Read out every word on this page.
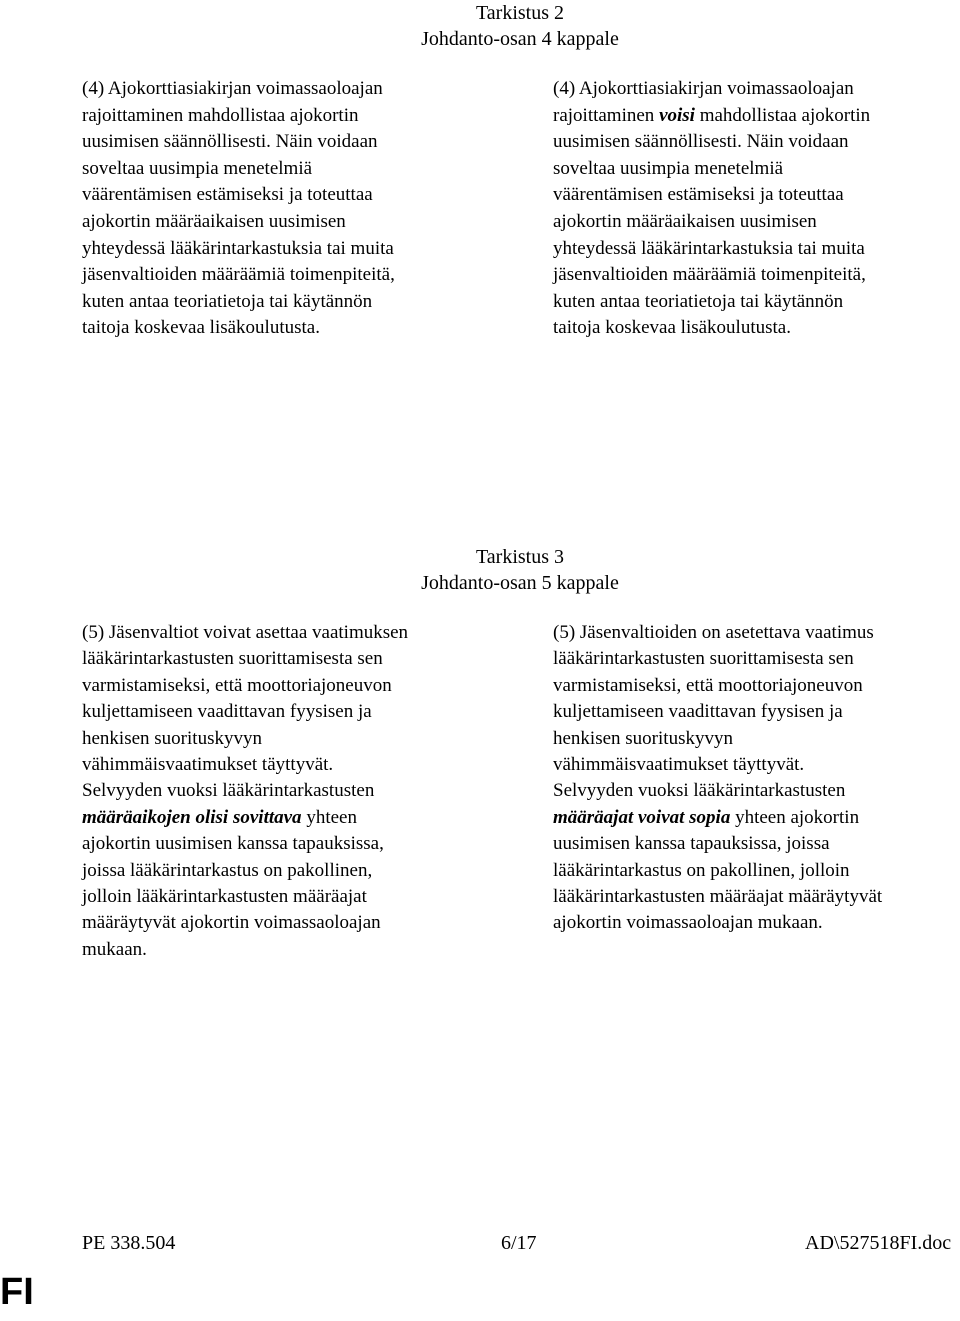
Tarkistus 2
Johdanto-osan 4 kappale

(4) Ajokorttiasiakirjan voimassaoloajan
rajoittaminen mahdollistaa ajokortin
uusimisen säännöllisesti. Näin voidaan
soveltaa uusimpia menetelmiä
väärentämisen estämiseksi ja toteuttaa
ajokortin määräaikaisen uusimisen
yhteydessä lääkärintarkastuksia tai muita
jäsenvaltioiden määräämiä toimenpiteitä,
kuten antaa teoriatietoja tai käytännön
taitoja koskevaa lisäkoulutusta.

(4) Ajokorttiasiakirjan voimassaoloajan
rajoittaminen voisi mahdollistaa ajokortin
uusimisen säännöllisesti. Näin voidaan
soveltaa uusimpia menetelmiä
väärentämisen estämiseksi ja toteuttaa
ajokortin määräaikaisen uusimisen
yhteydessä lääkärintarkastuksia tai muita
jäsenvaltioiden määräämiä toimenpiteitä,
kuten antaa teoriatietoja tai käytännön
taitoja koskevaa lisäkoulutusta.

Tarkistus 3
Johdanto-osan 5 kappale

(5) Jäsenvaltiot voivat asettaa vaatimuksen
lääkärintarkastusten suorittamisesta sen
varmistamiseksi, että moottoriajoneuvon
kuljettamiseen vaadittavan fyysisen ja
henkisen suorituskyvyn
vähimmäisvaatimukset täyttyvät.
Selvyyden vuoksi lääkärintarkastusten
määräaikojen olisi sovittava yhteen
ajokortin uusimisen kanssa tapauksissa,
joissa lääkärintarkastus on pakollinen,
jolloin lääkärintarkastusten määräajat
määräytyvät ajokortin voimassaoloajan
mukaan.

(5) Jäsenvaltioiden on asetettava vaatimus
lääkärintarkastusten suorittamisesta sen
varmistamiseksi, että moottoriajoneuvon
kuljettamiseen vaadittavan fyysisen ja
henkisen suorituskyvyn
vähimmäisvaatimukset täyttyvät.
Selvyyden vuoksi lääkärintarkastusten
määräajat voivat sopia yhteen ajokortin
uusimisen kanssa tapauksissa, joissa
lääkärintarkastus on pakollinen, jolloin
lääkärintarkastusten määräajat määräytyvät
ajokortin voimassaoloajan mukaan.

PE 338.504	6/17	AD\527518FI.doc
FI
